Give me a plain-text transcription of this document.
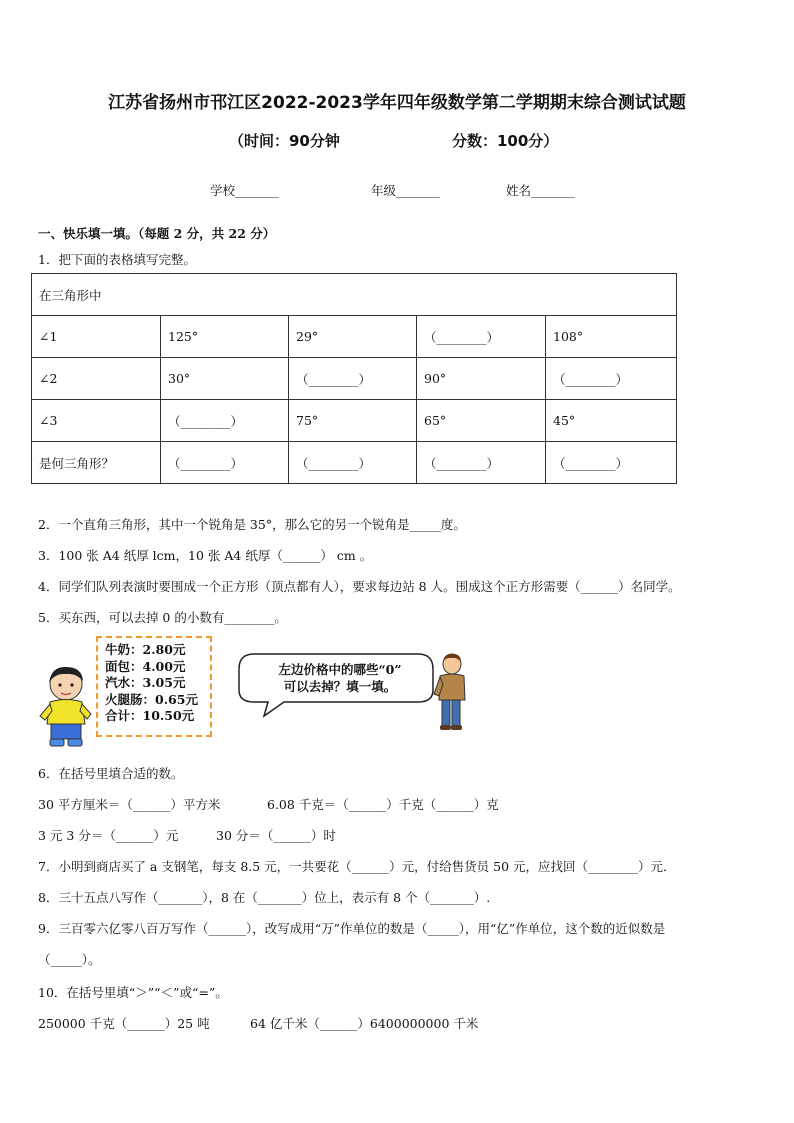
江苏省扬州市邗江区2022-2023学年四年级数学第二学期期末综合测试试题
（时间：90分钟	分数：100分）
学校_______	年级_______	姓名_______
一、快乐填一填。（每题 2 分，共 22 分）
1．把下面的表格填写完整。
在三角形中				
∠1	125°	29°	（________）	108°
∠2	30°	（________）	90°	（________）
∠3	（________）	75°	65°	45°
是何三角形？	（________）	（________）	（________）	（________）
2．一个直角三角形，其中一个锐角是 35°，那么它的另一个锐角是_____度。
3．100 张 A4 纸厚 lcm，10 张 A4 纸厚（______） cm 。
4．同学们队列表演时要围成一个正方形（顶点都有人），要求每边站 8 人。围成这个正方形需要（______）名同学。
5．买东西，可以去掉 0 的小数有________。
牛奶：2.80元
面包：4.00元
汽水：3.05元
火腿肠：0.65元
合计：10.50元
左边价格中的哪些“0”
可以去掉？填一填。
6．在括号里填合适的数。
30 平方厘米＝（______）平方米	6.08 千克＝（______）千克（______）克
3 元 3 分＝（______）元	30 分＝（______）时
7．小明到商店买了 a 支钢笔，每支 8.5 元，一共要花（______）元，付给售货员 50 元，应找回（________）元．
8．三十五点八写作（_______），8 在（_______）位上，表示有 8 个（_______）.
9．三百零六亿零八百万写作（______），改写成用“万”作单位的数是（_____），用“亿”作单位，这个数的近似数是
（_____）。
10．在括号里填“＞”“＜”或“=”。
250000 千克（______）25 吨	64 亿千米（______）6400000000 千米
